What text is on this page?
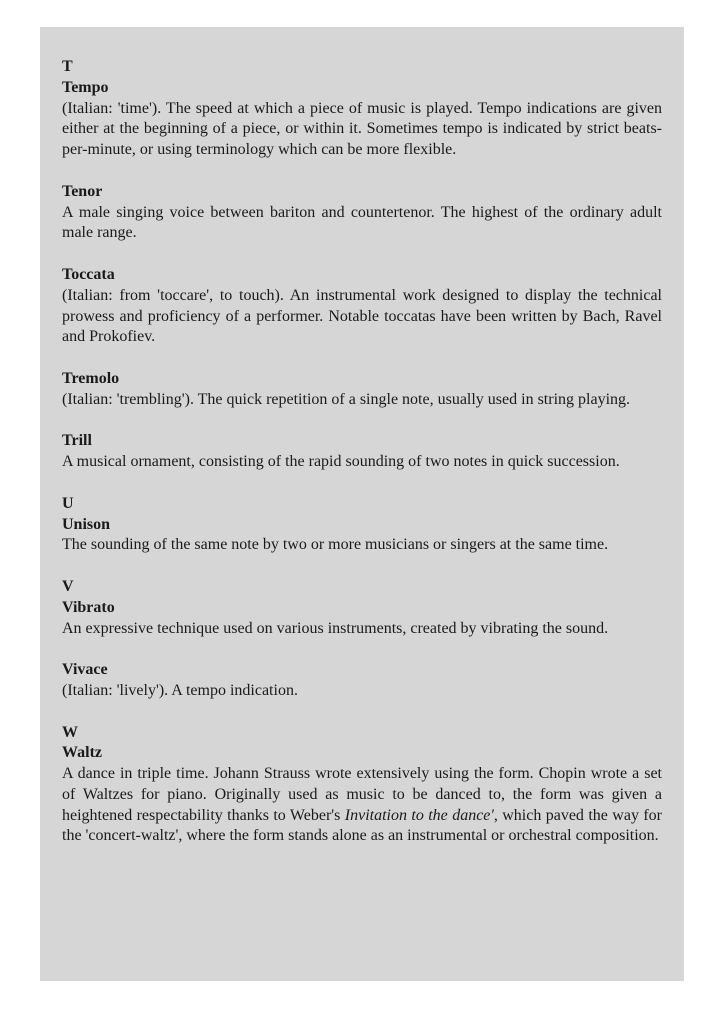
T
Tempo
(Italian: 'time'). The speed at which a piece of music is played. Tempo indications are given either at the beginning of a piece, or within it. Sometimes tempo is indicated by strict beats-per-minute, or using terminology which can be more flexible.
Tenor
A male singing voice between bariton and countertenor. The highest of the ordinary adult male range.
Toccata
(Italian: from 'toccare', to touch). An instrumental work designed to display the technical prowess and proficiency of a performer. Notable toccatas have been written by Bach, Ravel and Prokofiev.
Tremolo
(Italian: 'trembling'). The quick repetition of a single note, usually used in string playing.
Trill
A musical ornament, consisting of the rapid sounding of two notes in quick succession.
U
Unison
The sounding of the same note by two or more musicians or singers at the same time.
V
Vibrato
An expressive technique used on various instruments, created by vibrating the sound.
Vivace
(Italian: 'lively'). A tempo indication.
W
Waltz
A dance in triple time. Johann Strauss wrote extensively using the form. Chopin wrote a set of Waltzes for piano. Originally used as music to be danced to, the form was given a heightened respectability thanks to Weber's Invitation to the dance', which paved the way for the 'concert-waltz', where the form stands alone as an instrumental or orchestral composition.
